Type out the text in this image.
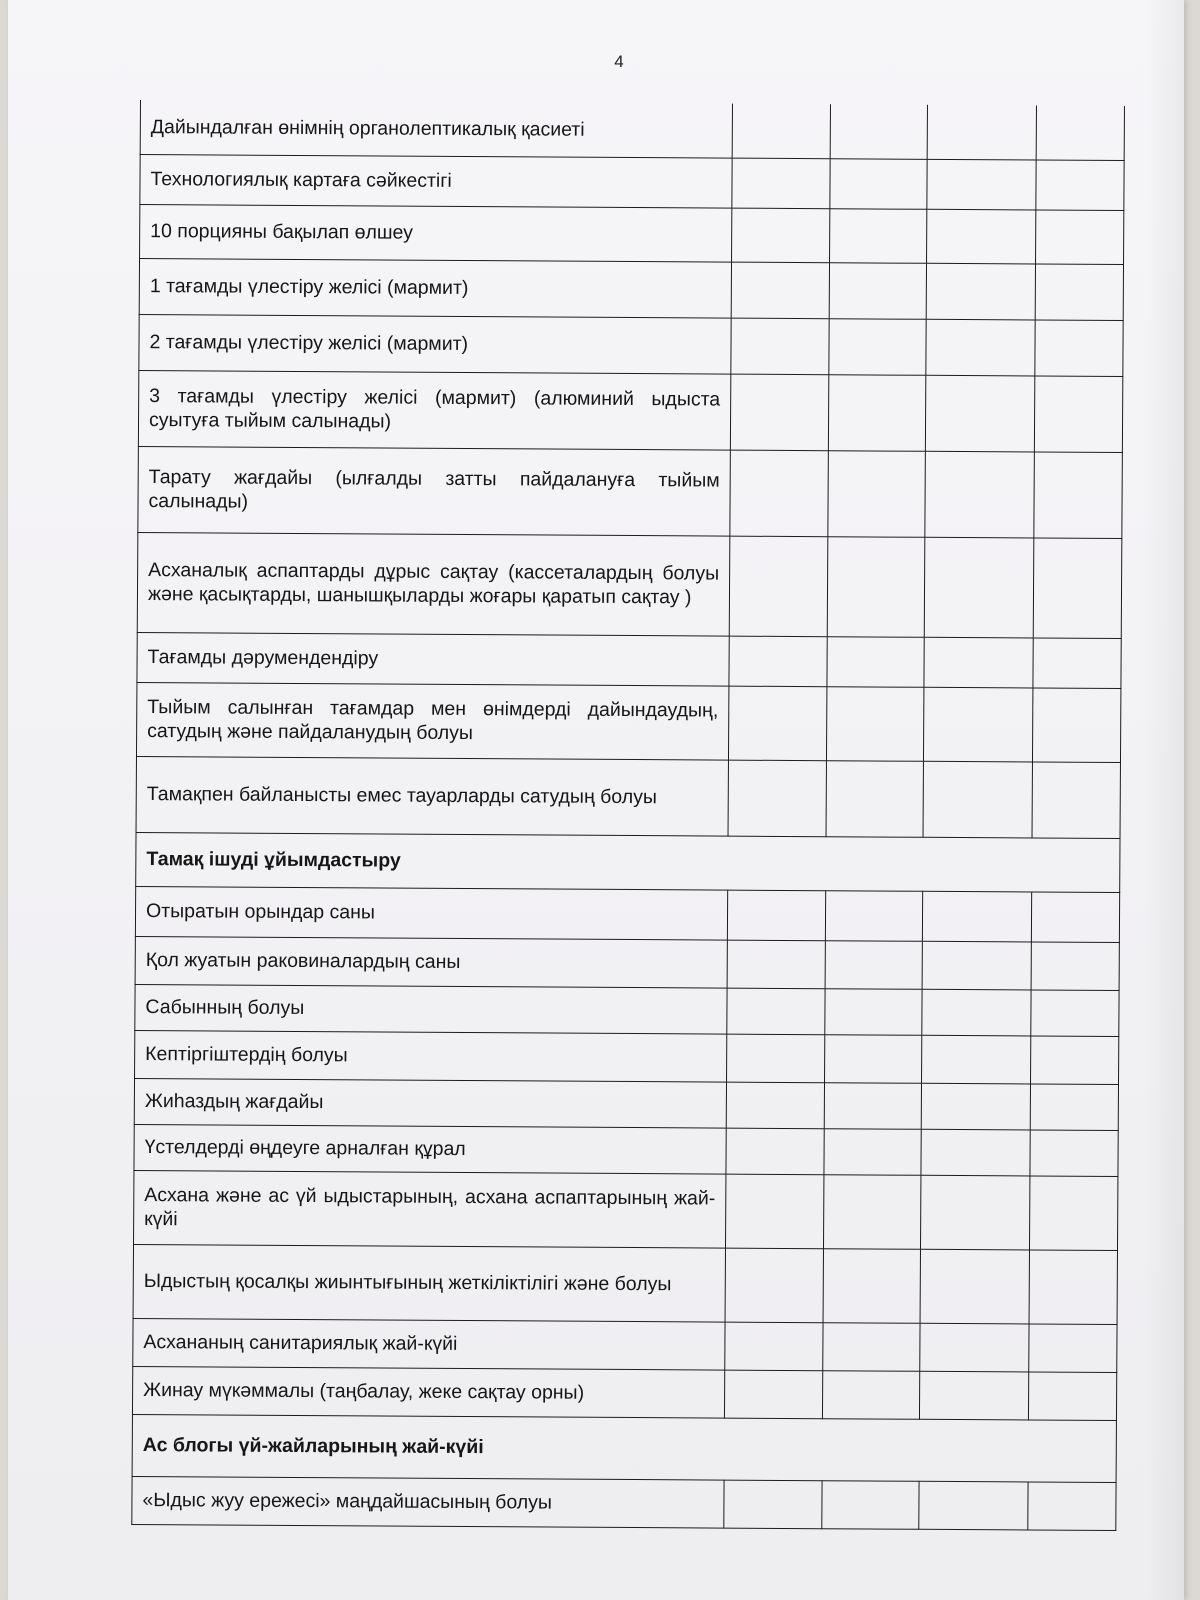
4
Дайындалған өнімнің органолептикалық қасиеті				
Технологиялық картаға сәйкестігі				
10 порцияны бақылап өлшеу				
1 тағамды үлестіру желісі (мармит)				
2 тағамды үлестіру желісі (мармит)				
3 тағамды үлестіру желісі (мармит) (алюминий ыдыста суытуға тыйым салынады)				
Тарату жағдайы (ылғалды затты пайдалануға тыйым салынады)				
Асханалық аспаптарды дұрыс сақтау (кассеталардың болуы және қасықтарды, шанышқыларды жоғары қаратып сақтау )				
Тағамды дәрумендендіру				
Тыйым салынған тағамдар мен өнімдерді дайындаудың, сатудың және пайдаланудың болуы				
Тамақпен байланысты емес тауарларды сатудың болуы				
Тамақ ішуді ұйымдастыру				
Отыратын орындар саны				
Қол жуатын раковиналардың саны				
Сабынның болуы				
Кептіргіштердің болуы				
Жиһаздың жағдайы				
Үстелдерді өңдеуге арналған құрал				
Асхана және ас үй ыдыстарының, асхана аспаптарының жай-күйі				
Ыдыстың қосалқы жиынтығының жеткіліктілігі және болуы				
Асхананың санитариялық жай-күйі				
Жинау мүкәммалы (таңбалау, жеке сақтау орны)				
Ас блогы үй-жайларының жай-күйі				
«Ыдыс жуу ережесі» маңдайшасының болуы				
